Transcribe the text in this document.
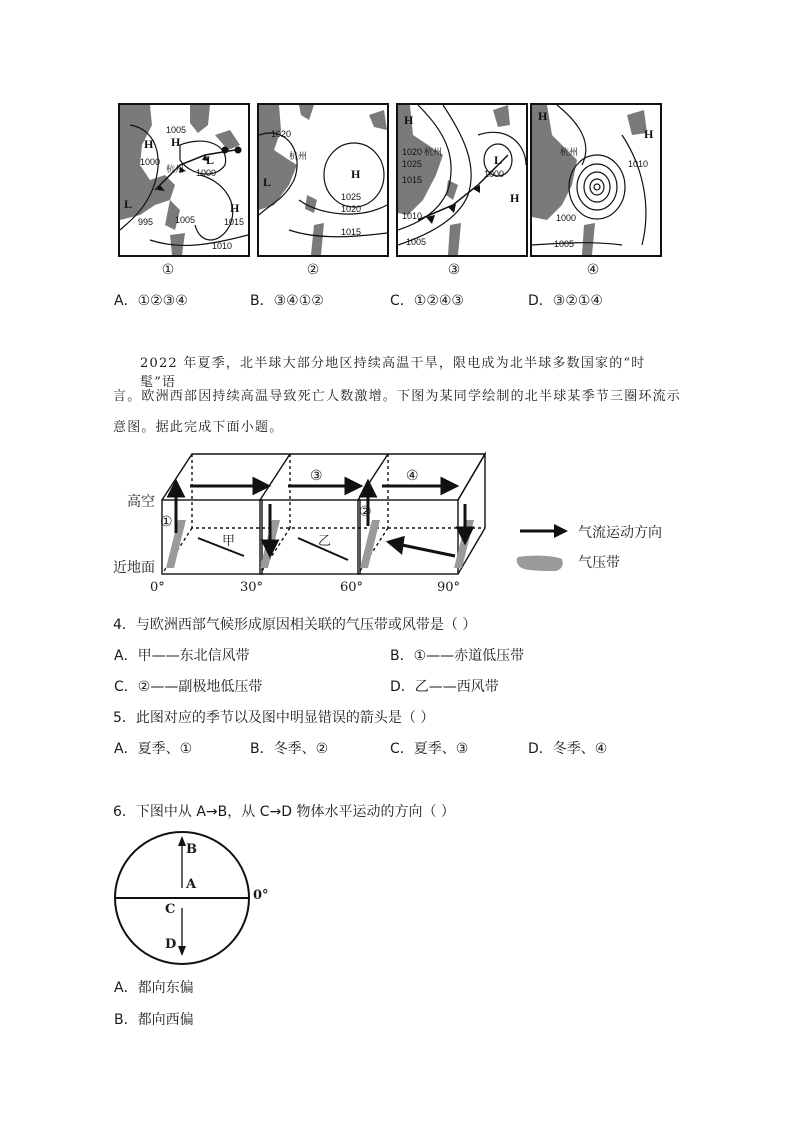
1005
1000
995 1005	1015
1010
1000
杭州
H H
H
L
L
1020
1025
1020
1015
杭州
H
L
1020
1025
1015
1010
1005
1000
杭州
H
H
L	1010
1000
1005
杭州
H
H
①	②	③	④
A．①②③④	B．③④①②	C．①②④③	D．③②①④
2022 年夏季，北半球大部分地区持续高温干旱，限电成为北半球多数国家的“时髦”语
言。欧洲西部因持续高温导致死亡人数激增。下图为某同学绘制的北半球某季节三圈环流示
意图。据此完成下面小题。
①
②
③	④
甲	乙
高空
近地面
0°	30°	60°	90°
气流运动方向
气压带
4．与欧洲西部气候形成原因相关联的气压带或风带是（ ）
A．甲——东北信风带	B．①——赤道低压带
C．②——副极地低压带	D．乙——西风带
5．此图对应的季节以及图中明显错误的箭头是（ ）
A．夏季、①	B．冬季、②	C．夏季、③	D．冬季、④
6．下图中从 A→B，从 C→D 物体水平运动的方向（ ）
B
A
C
D
0°
A．都向东偏
B．都向西偏
